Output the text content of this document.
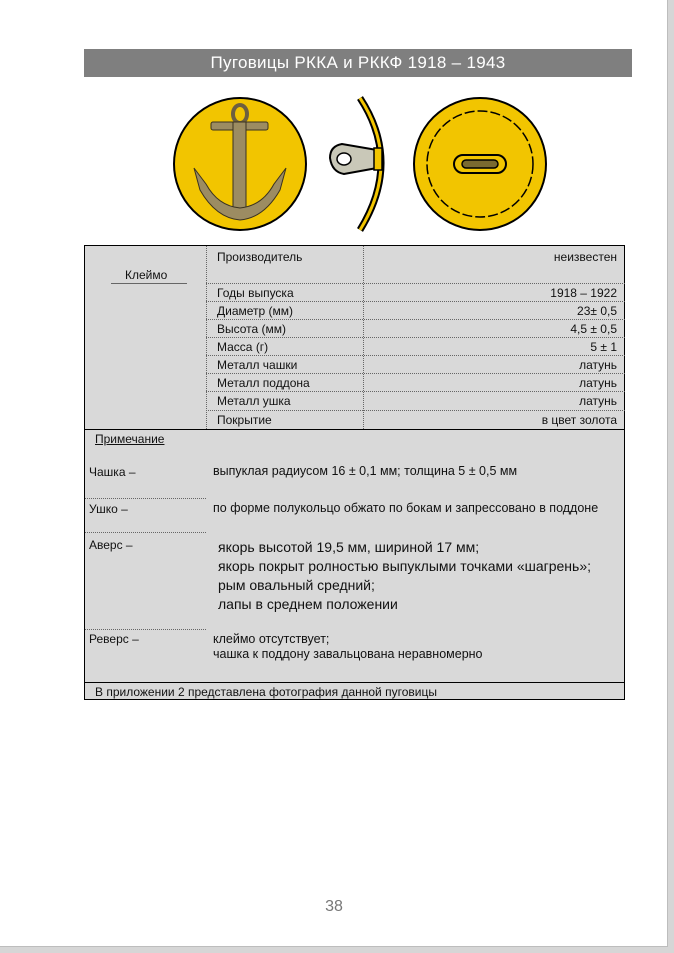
Пуговицы РККА и РККФ 1918 – 1943
Клеймо
Производитель	неизвестен
Годы выпуска	1918 – 1922
Диаметр (мм)	23± 0,5
Высота (мм)	4,5 ± 0,5
Масса (г)	5 ± 1
Металл чашки	латунь
Металл поддона	латунь
Металл ушка	латунь
Покрытие	в цвет золота
Примечание
Чашка –	выпуклая радиусом 16 ± 0,1 мм; толщина 5 ± 0,5 мм
Ушко –	по форме полукольцо обжато по бокам и запрессовано в поддоне
Аверс –	якорь высотой 19,5 мм, шириной 17 мм;
якорь покрыт ролностью выпуклыми точками «шагрень»;
рым овальный средний;
лапы в среднем положении
Реверс –	клеймо отсутствует;
чашка к поддону завальцована неравномерно
В приложении 2 представлена фотография данной пуговицы
38
